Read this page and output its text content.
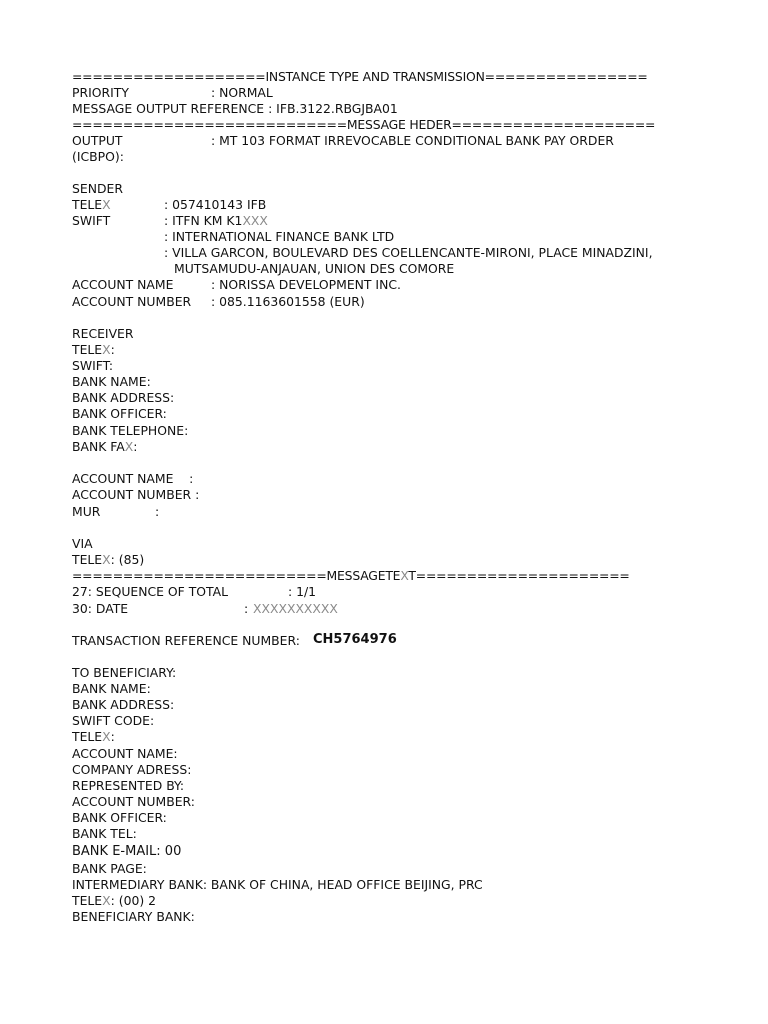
===================INSTANCE TYPE AND TRANSMISSION================
PRIORITY	: NORMAL
MESSAGE OUTPUT REFERENCE : IFB.3122.RBGJBA01
===========================MESSAGE HEDER====================
OUTPUT	: MT 103 FORMAT IRREVOCABLE CONDITIONAL BANK PAY ORDER
(ICBPO):
SENDER
TELEX	: 057410143 IFB
SWIFT	: ITFN KM K1XXX
: INTERNATIONAL FINANCE BANK LTD
: VILLA GARCON, BOULEVARD DES COELLENCANTE-MIRONI, PLACE MINADZINI,
MUTSAMUDU-ANJAUAN, UNION DES COMORE
ACCOUNT NAME	: NORISSA DEVELOPMENT INC.
ACCOUNT NUMBER : 085.1163601558 (EUR)
RECEIVER
TELEX:
SWIFT:
BANK NAME:
BANK ADDRESS:
BANK OFFICER:
BANK TELEPHONE:
BANK FAX:
ACCOUNT NAME    :
ACCOUNT NUMBER :
MUR	:
VIA
TELEX: (85)
=========================MESSAGETEXT=====================
27: SEQUENCE OF TOTAL	: 1/1
30: DATE	: XXXXXXXXXX
TRANSACTION REFERENCE NUMBER: CH5764976
TO BENEFICIARY:
BANK NAME:
BANK ADDRESS:
SWIFT CODE:
TELEX:
ACCOUNT NAME:
COMPANY ADRESS:
REPRESENTED BY:
ACCOUNT NUMBER:
BANK OFFICER:
BANK TEL:
BANK E-MAIL: 00
BANK PAGE:
INTERMEDIARY BANK: BANK OF CHINA, HEAD OFFICE BEIJING, PRC
TELEX: (00) 2
BENEFICIARY BANK:
